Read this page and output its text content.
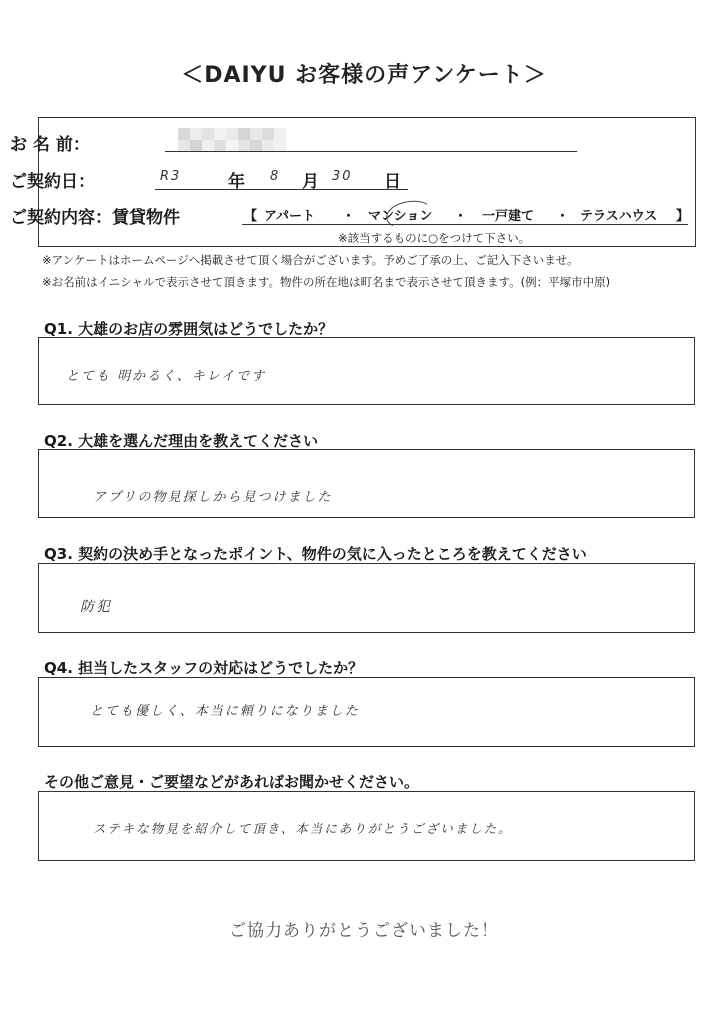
＜DAIYU お客様の声アンケート＞
お 名 前：
ご契約日：	R3	年 8 月 30 日
ご契約内容：賃貸物件	【 アパート ・ マンション ・ 一戸建て ・ テラスハウス 】
※該当するものに○をつけて下さい。
※アンケートはホームページへ掲載させて頂く場合がございます。予めご了承の上、ご記入下さいませ。
※お名前はイニシャルで表示させて頂きます。物件の所在地は町名まで表示させて頂きます。(例：平塚市中原)
Q1. 大雄のお店の雰囲気はどうでしたか？
とても 明かるく、キレイです
Q2. 大雄を選んだ理由を教えてください
アプリの物見探しから見つけました
Q3. 契約の決め手となったポイント、物件の気に入ったところを教えてください
防犯
Q4. 担当したスタッフの対応はどうでしたか？
とても優しく、本当に頼りになりました
その他ご意見・ご要望などがあればお聞かせください。
ステキな物見を紹介して頂き、本当にありがとうございました。
ご協力ありがとうございました！
